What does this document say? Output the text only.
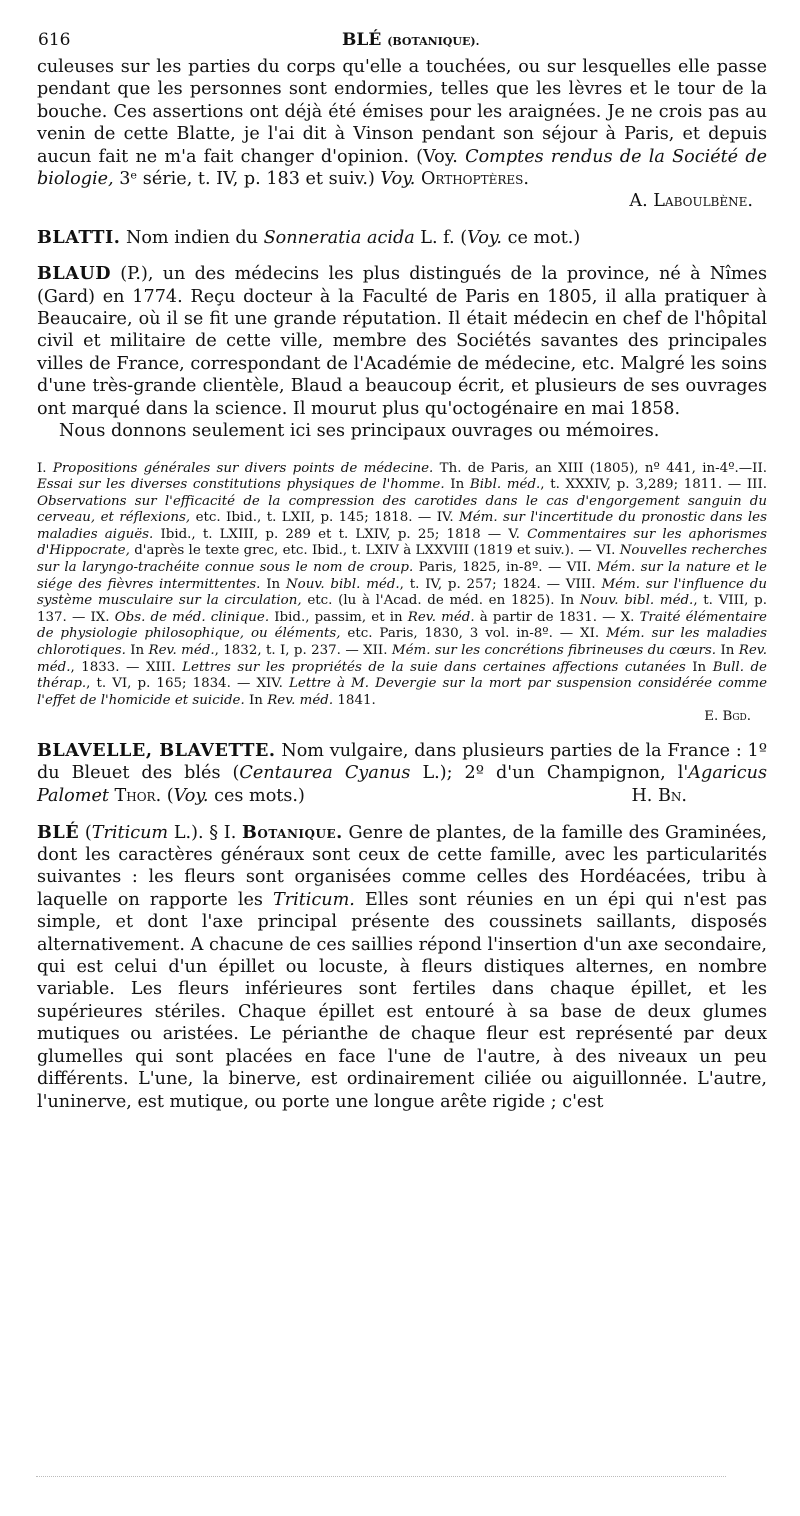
616	BLÉ (BOTANIQUE).

culeuses sur les parties du corps qu'elle a touchées, ou sur lesquelles elle passe pendant que les personnes sont endormies, telles que les lèvres et le tour de la bouche. Ces assertions ont déjà été émises pour les araignées. Je ne crois pas au venin de cette Blatte, je l'ai dit à Vinson pendant son séjour à Paris, et depuis aucun fait ne m'a fait changer d'opinion. (Voy. Comptes rendus de la Société de biologie, 3ᵉ série, t. IV, p. 183 et suiv.) Voy. Orthoptères.

A. Laboulbène.

BLATTI. Nom indien du Sonneratia acida L. f. (Voy. ce mot.)

BLAUD (P.), un des médecins les plus distingués de la province, né à Nîmes (Gard) en 1774. Reçu docteur à la Faculté de Paris en 1805, il alla pratiquer à Beaucaire, où il se fit une grande réputation. Il était médecin en chef de l'hôpital civil et militaire de cette ville, membre des Sociétés savantes des principales villes de France, correspondant de l'Académie de médecine, etc. Malgré les soins d'une très-grande clientèle, Blaud a beaucoup écrit, et plusieurs de ses ouvrages ont marqué dans la science. Il mourut plus qu'octogénaire en mai 1858.

Nous donnons seulement ici ses principaux ouvrages ou mémoires.

I. Propositions générales sur divers points de médecine. Th. de Paris, an XIII (1805), nº 441, in-4º.—II. Essai sur les diverses constitutions physiques de l'homme. In Bibl. méd., t. XXXIV, p. 3,289; 1811. — III. Observations sur l'efficacité de la compression des carotides dans le cas d'engorgement sanguin du cerveau, et réflexions, etc. Ibid., t. LXII, p. 145; 1818. — IV. Mém. sur l'incertitude du pronostic dans les maladies aiguës. Ibid., t. LXIII, p. 289 et t. LXIV, p. 25; 1818 — V. Commentaires sur les aphorismes d'Hippocrate, d'après le texte grec, etc. Ibid., t. LXIV à LXXVIII (1819 et suiv.). — VI. Nouvelles recherches sur la laryngo-trachéite connue sous le nom de croup. Paris, 1825, in-8º. — VII. Mém. sur la nature et le siége des fièvres intermittentes. In Nouv. bibl. méd., t. IV, p. 257; 1824. — VIII. Mém. sur l'influence du système musculaire sur la circulation, etc. (lu à l'Acad. de méd. en 1825). In Nouv. bibl. méd., t. VIII, p. 137. — IX. Obs. de méd. clinique. Ibid., passim, et in Rev. méd. à partir de 1831. — X. Traité élémentaire de physiologie philosophique, ou éléments, etc. Paris, 1830, 3 vol. in-8º. — XI. Mém. sur les maladies chlorotiques. In Rev. méd., 1832, t. I, p. 237. — XII. Mém. sur les concrétions fibrineuses du cœurs. In Rev. méd., 1833. — XIII. Lettres sur les propriétés de la suie dans certaines affections cutanées In Bull. de thérap., t. VI, p. 165; 1834. — XIV. Lettre à M. Devergie sur la mort par suspension considérée comme l'effet de l'homicide et suicide. In Rev. méd. 1841.
E. Bgd.

BLAVELLE, BLAVETTE. Nom vulgaire, dans plusieurs parties de la France : 1º du Bleuet des blés (Centaurea Cyanus L.); 2º d'un Champignon, l'Agaricus Palomet Thor. (Voy. ces mots.)	H. Bn.

BLÉ (Triticum L.). § I. Botanique. Genre de plantes, de la famille des Graminées, dont les caractères généraux sont ceux de cette famille, avec les particularités suivantes : les fleurs sont organisées comme celles des Hordéacées, tribu à laquelle on rapporte les Triticum. Elles sont réunies en un épi qui n'est pas simple, et dont l'axe principal présente des coussinets saillants, disposés alternativement. A chacune de ces saillies répond l'insertion d'un axe secondaire, qui est celui d'un épillet ou locuste, à fleurs distiques alternes, en nombre variable. Les fleurs inférieures sont fertiles dans chaque épillet, et les supérieures stériles. Chaque épillet est entouré à sa base de deux glumes mutiques ou aristées. Le périanthe de chaque fleur est représenté par deux glumelles qui sont placées en face l'une de l'autre, à des niveaux un peu différents. L'une, la binerve, est ordinairement ciliée ou aiguillonnée. L'autre, l'uninerve, est mutique, ou porte une longue arête rigide ; c'est
